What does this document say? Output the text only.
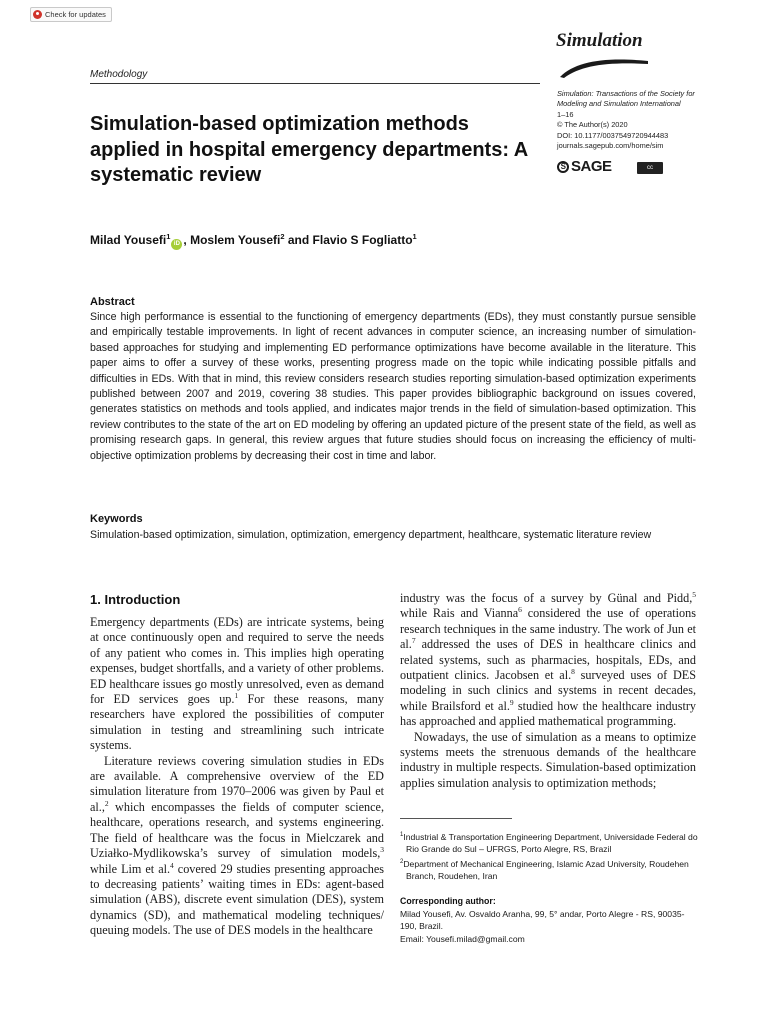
Check for updates
Simulation
Methodology
Simulation: Transactions of the Society for Modeling and Simulation International
1–16
© The Author(s) 2020
DOI: 10.1177/0037549720944483
journals.sagepub.com/home/sim
S SAGE	cc
Simulation-based optimization methods applied in hospital emergency departments: A systematic review
Milad Yousefi$^1$iD , Moslem Yousefi$^2$ and Flavio S Fogliatto$^1$
Abstract
Since high performance is essential to the functioning of emergency departments (EDs), they must constantly pursue sensible and empirically testable improvements. In light of recent advances in computer science, an increasing number of simulation-based approaches for studying and implementing ED performance optimizations have become available in the literature. This paper aims to offer a survey of these works, presenting progress made on the topic while indicating possible pitfalls and difficulties in EDs. With that in mind, this review considers research studies reporting simulation-based optimization experiments published between 2007 and 2019, covering 38 studies. This paper provides bibliographic background on issues covered, generates statistics on methods and tools applied, and indicates major trends in the field of simulation-based optimization. This review contributes to the state of the art on ED modeling by offering an updated picture of the present state of the field, as well as promising research gaps. In general, this review argues that future studies should focus on increasing the efficiency of multi-objective optimization problems by decreasing their cost in time and labor.
Keywords
Simulation-based optimization, simulation, optimization, emergency department, healthcare, systematic literature review
1. Introduction

Emergency departments (EDs) are intricate systems, being at once continuously open and required to serve the needs of any patient who comes in. This implies high operating expenses, budget shortfalls, and a variety of other problems. ED healthcare issues go mostly unresolved, even as demand for ED services goes up.$^1$ For these reasons, many researchers have explored the possibilities of computer simulation in testing and streamlining such intricate systems.

Literature reviews covering simulation studies in EDs are available. A comprehensive overview of the ED simulation literature from 1970–2006 was given by Paul et al.,$^2$ which encompasses the fields of computer science, healthcare, operations research, and systems engineering. The field of healthcare was the focus in Mielczarek and Uziałko-Mydlikowska’s survey of simulation models,$^3$ while Lim et al.$^4$ covered 29 studies presenting approaches to decreasing patients’ waiting times in EDs: agent-based simulation (ABS), discrete event simulation (DES), system dynamics (SD), and mathematical modeling techniques/ queuing models. The use of DES models in the healthcare

industry was the focus of a survey by Günal and Pidd,$^5$ while Rais and Vianna$^6$ considered the use of operations research techniques in the same industry. The work of Jun et al.$^7$ addressed the uses of DES in healthcare clinics and related systems, such as pharmacies, hospitals, EDs, and outpatient clinics. Jacobsen et al.$^8$ surveyed uses of DES modeling in such clinics and systems in recent decades, while Brailsford et al.$^9$ studied how the healthcare industry has approached and applied mathematical programming.

Nowadays, the use of simulation as a means to optimize systems meets the strenuous demands of the healthcare industry in multiple respects. Simulation-based optimization applies simulation analysis to optimization methods;

$^1$Industrial & Transportation Engineering Department, Universidade Federal do Rio Grande do Sul – UFRGS, Porto Alegre, RS, Brazil

$^2$Department of Mechanical Engineering, Islamic Azad University, Roudehen Branch, Roudehen, Iran

Corresponding author:
Milad Yousefi, Av. Osvaldo Aranha, 99, 5° andar, Porto Alegre - RS, 90035-190, Brazil.
Email: Yousefi.milad@gmail.com
